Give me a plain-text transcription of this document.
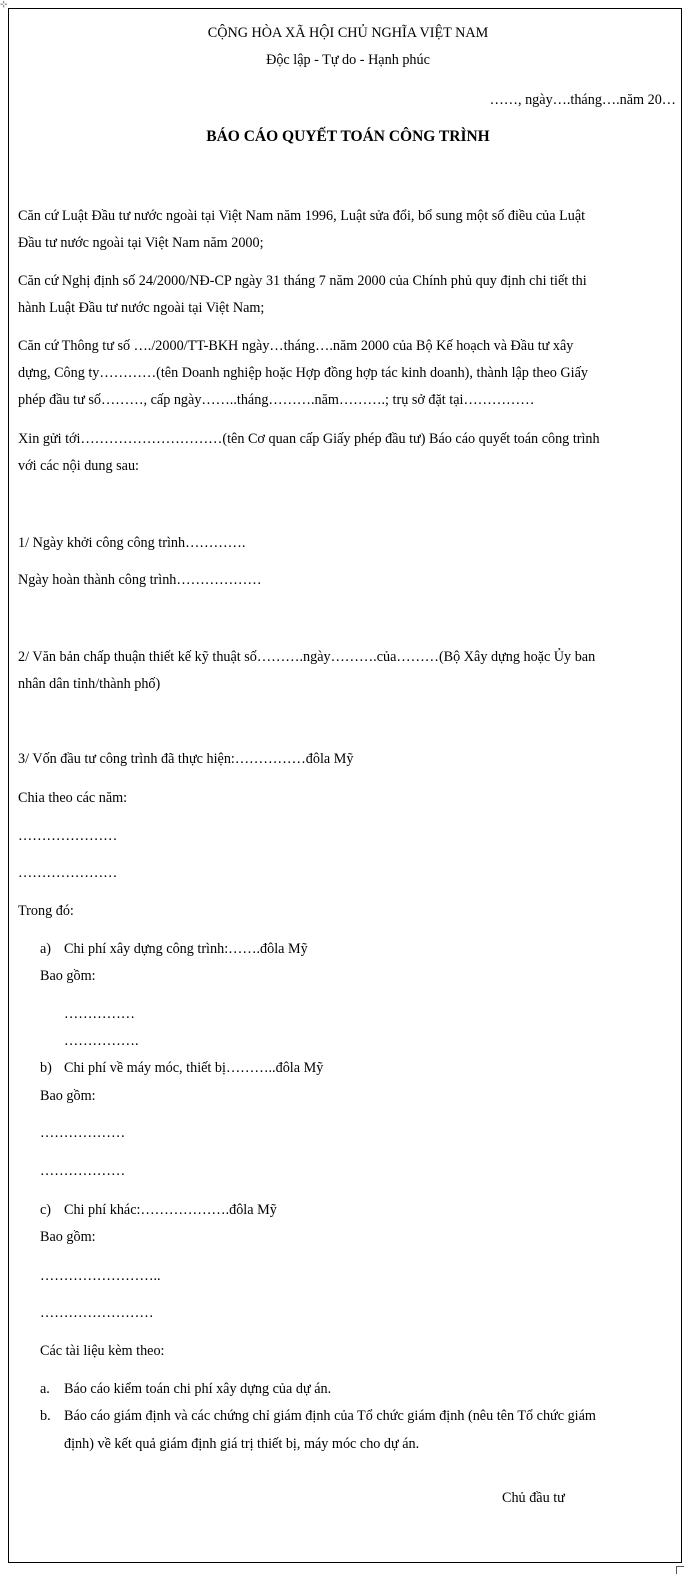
⊹
CỘNG HÒA XÃ HỘI CHỦ NGHĨA VIỆT NAM
Độc lập - Tự do - Hạnh phúc
……, ngày….tháng….năm 20…
BÁO CÁO QUYẾT TOÁN CÔNG TRÌNH
Căn cứ Luật Đầu tư nước ngoài tại Việt Nam năm 1996, Luật sửa đổi, bổ sung một số điều của Luật
Đầu tư nước ngoài tại Việt Nam năm 2000;
Căn cứ Nghị định số 24/2000/NĐ-CP ngày 31 tháng 7 năm 2000 của Chính phủ quy định chi tiết thi
hành Luật Đầu tư nước ngoài tại Việt Nam;
Căn cứ Thông tư số …./2000/TT-BKH ngày…tháng….năm 2000 của Bộ Kế hoạch và Đầu tư xây
dựng, Công ty…………(tên Doanh nghiệp hoặc Hợp đồng hợp tác kinh doanh), thành lập theo Giấy
phép đầu tư số………, cấp ngày……..tháng……….năm……….; trụ sở đặt tại……………
Xin gửi tới…………………………(tên Cơ quan cấp Giấy phép đầu tư) Báo cáo quyết toán công trình
với các nội dung sau:
1/ Ngày khởi công công trình………….
Ngày hoàn thành công trình………………
2/ Văn bản chấp thuận thiết kế kỹ thuật số……….ngày……….của………(Bộ Xây dựng hoặc Ủy ban
nhân dân tỉnh/thành phố)
3/ Vốn đầu tư công trình đã thực hiện:……………đôla Mỹ
Chia theo các năm:
…………………
…………………
Trong đó:
a) Chi phí xây dựng công trình:…….đôla Mỹ
Bao gồm:
……………
…………….
b) Chi phí về máy móc, thiết bị………..đôla Mỹ
Bao gồm:
………………
………………
c) Chi phí khác:……………….đôla Mỹ
Bao gồm:
……………………..
……………………
Các tài liệu kèm theo:
a. Báo cáo kiểm toán chi phí xây dựng của dự án.
b. Báo cáo giám định và các chứng chỉ giám định của Tổ chức giám định (nêu tên Tổ chức giám
định) về kết quả giám định giá trị thiết bị, máy móc cho dự án.
Chủ đầu tư
